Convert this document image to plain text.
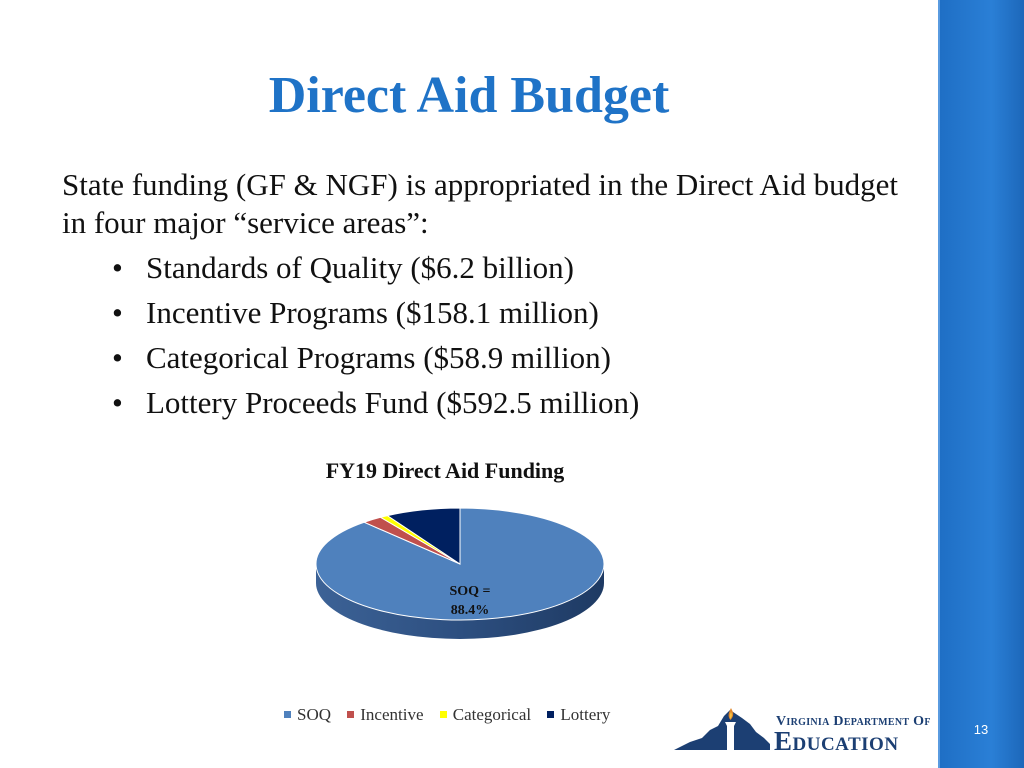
13
Direct Aid Budget
State funding (GF & NGF) is appropriated in the Direct Aid budget in four major “service areas”:
• Standards of Quality ($6.2 billion)
• Incentive Programs ($158.1 million)
• Categorical Programs ($58.9 million)
• Lottery Proceeds Fund ($592.5 million)
FY19 Direct Aid Funding
SOQ =
88.4%
SOQ Incentive Categorical Lottery	Virginia Department Of
Education
